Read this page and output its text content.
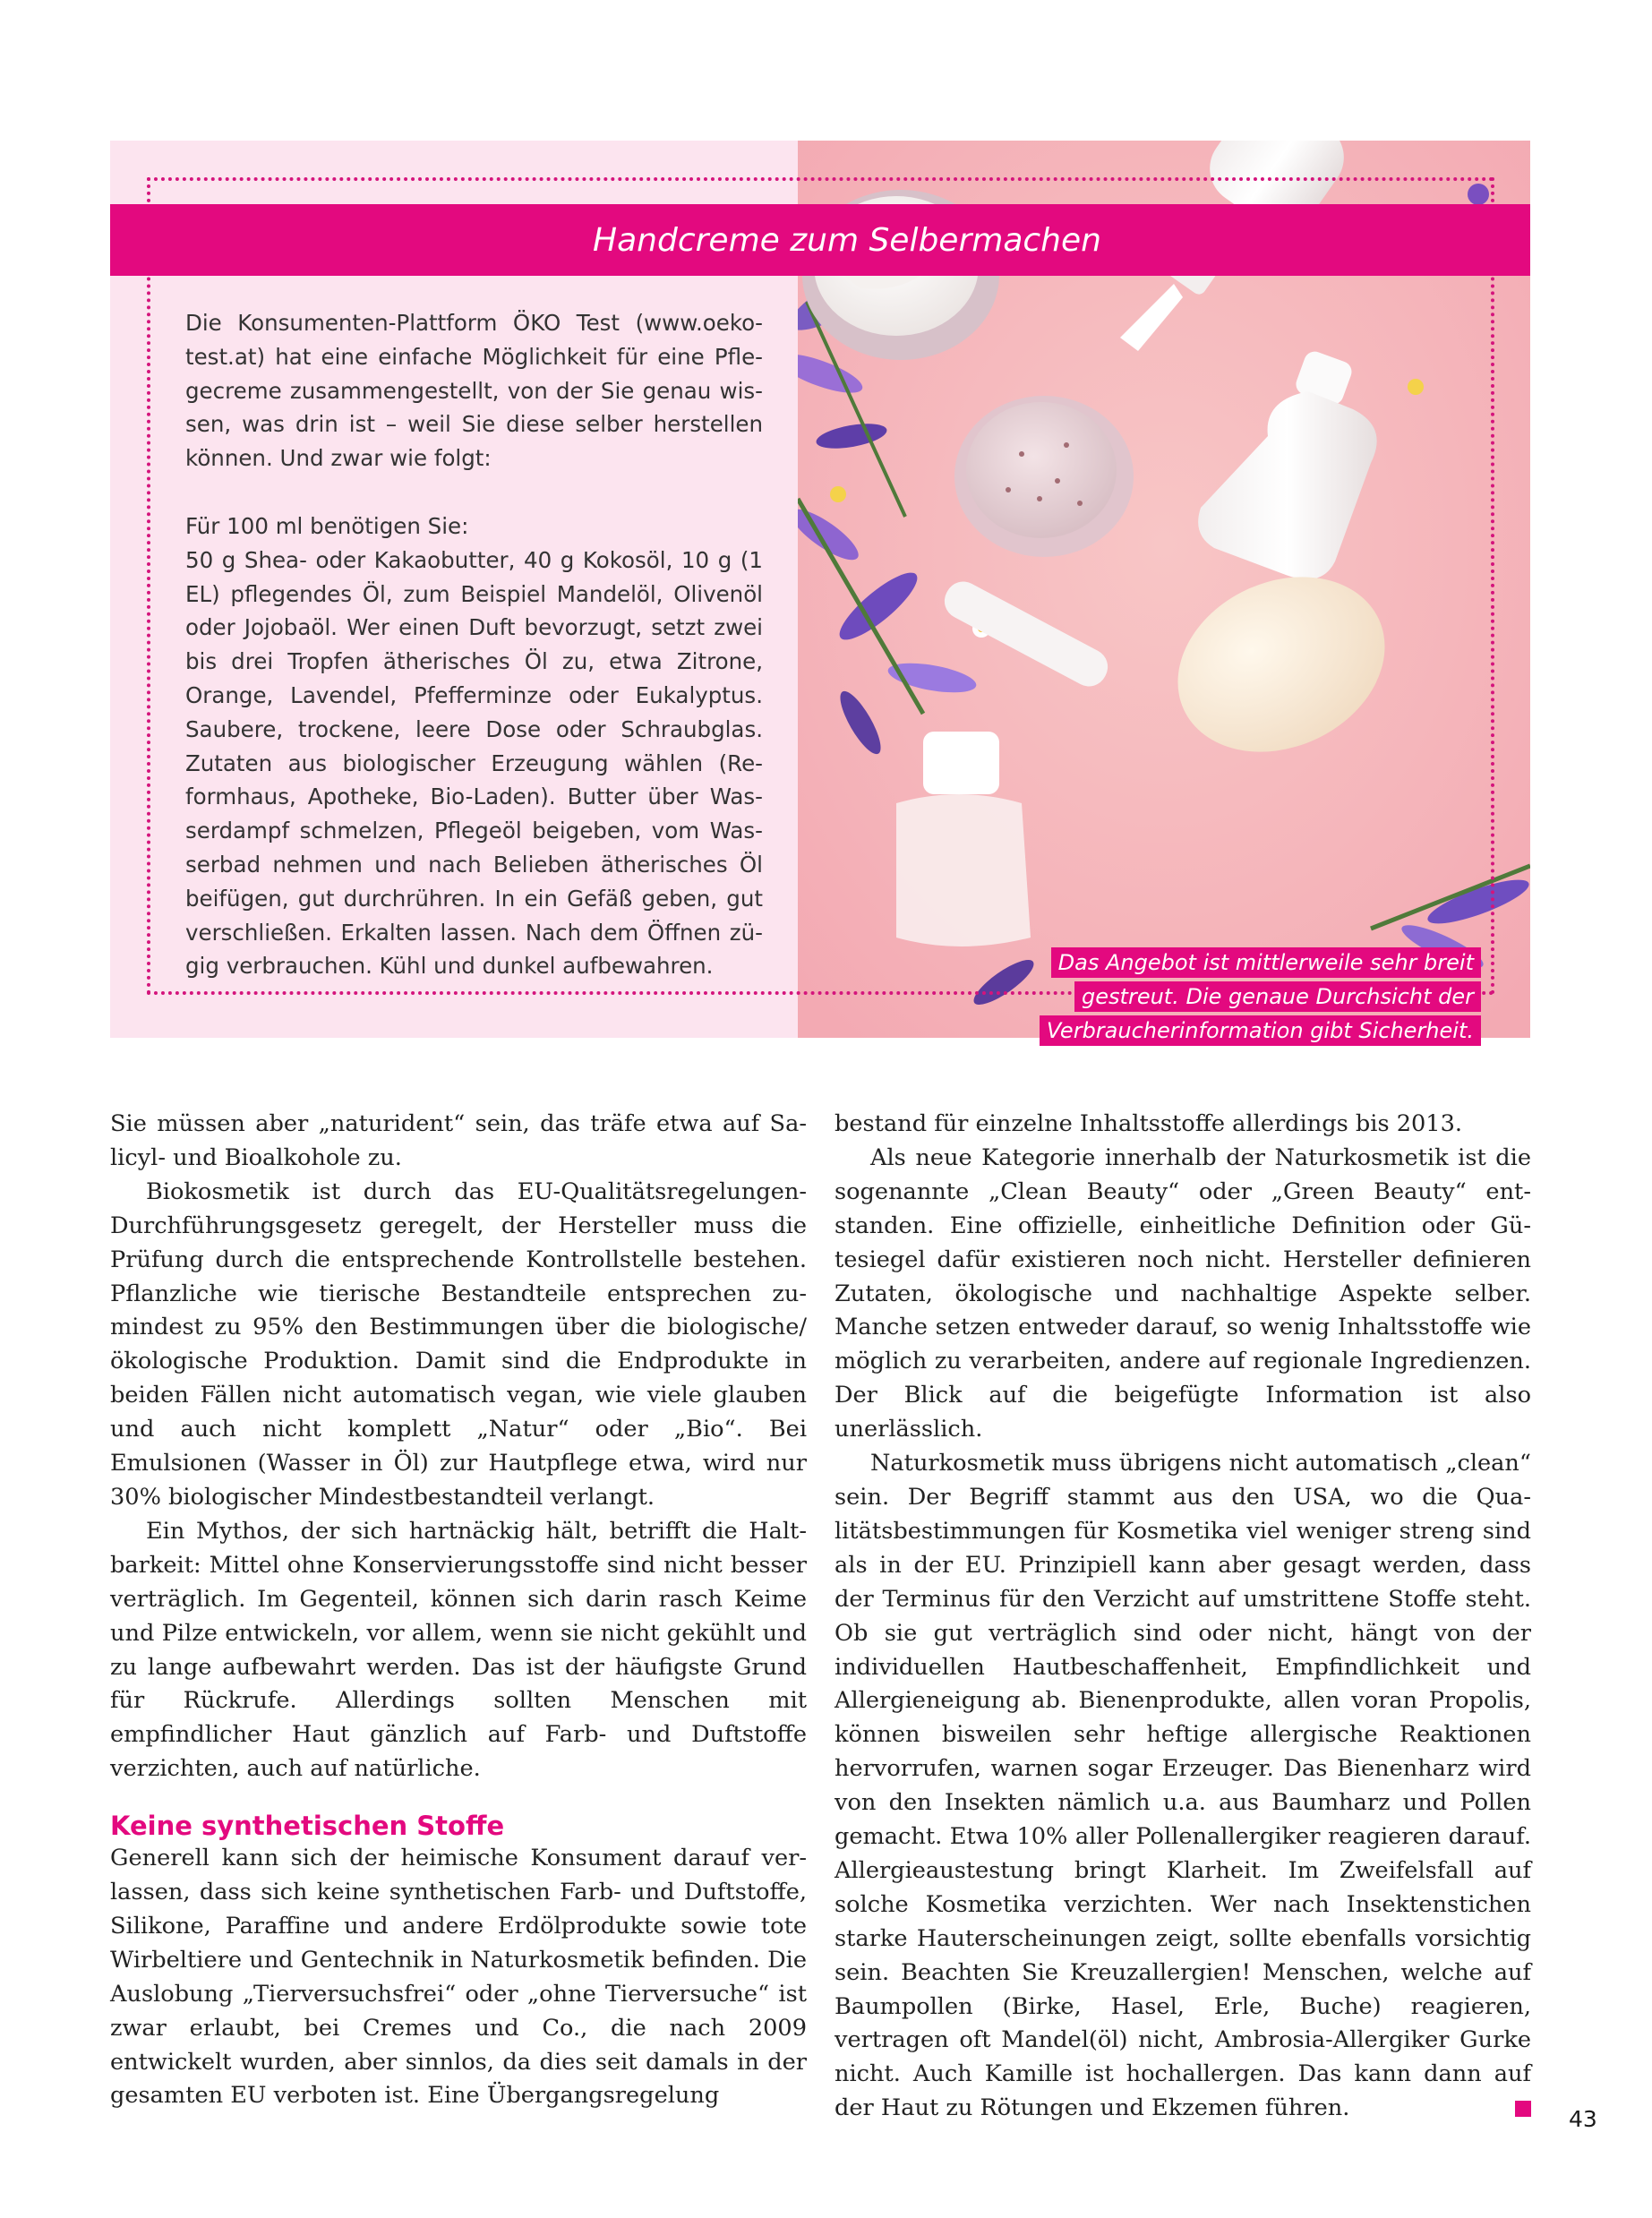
Handcreme zum Selbermachen

Die Konsumenten-Plattform ÖKO Test (www.oekotest.at) hat eine einfache Möglichkeit für eine Pflegecreme zusammengestellt, von der Sie genau wissen, was drin ist – weil Sie diese selber herstellen können. Und zwar wie folgt:

Für 100 ml benötigen Sie:
50 g Shea- oder Kakaobutter, 40 g Kokosöl, 10 g (1 EL) pflegendes Öl, zum Beispiel Mandelöl, Olivenöl oder Jojobaöl. Wer einen Duft bevorzugt, setzt zwei bis drei Tropfen ätherisches Öl zu, etwa Zitrone, Orange, Lavendel, Pfefferminze oder Eukalyptus. Saubere, trockene, leere Dose oder Schraubglas. Zutaten aus biologischer Erzeugung wählen (Reformhaus, Apotheke, Bio-Laden). Butter über Wasserdampf schmelzen, Pflegeöl beigeben, vom Wasserbad nehmen und nach Belieben ätherisches Öl beifügen, gut durchrühren. In ein Gefäß geben, gut verschließen. Erkalten lassen. Nach dem Öffnen zügig verbrauchen. Kühl und dunkel aufbewahren.	Das Angebot ist mittlerweile sehr breit gestreut. Die genaue Durchsicht der Verbraucherinformation gibt Sicherheit.

Sie müssen aber „naturident“ sein, das träfe etwa auf Salicyl- und Bioalkohole zu.

Biokosmetik ist durch das EU-Qualitätsregelungen-Durchführungsgesetz geregelt, der Hersteller muss die Prüfung durch die entsprechende Kontrollstelle bestehen. Pflanzliche wie tierische Bestandteile entsprechen zumindest zu 95% den Bestimmungen über die biologische/ökologische Produktion. Damit sind die Endprodukte in beiden Fällen nicht automatisch vegan, wie viele glauben und auch nicht komplett „Natur“ oder „Bio“. Bei Emulsionen (Wasser in Öl) zur Hautpflege etwa, wird nur 30% biologischer Mindestbestandteil verlangt.

Ein Mythos, der sich hartnäckig hält, betrifft die Haltbarkeit: Mittel ohne Konservierungsstoffe sind nicht besser verträglich. Im Gegenteil, können sich darin rasch Keime und Pilze entwickeln, vor allem, wenn sie nicht gekühlt und zu lange aufbewahrt werden. Das ist der häufigste Grund für Rückrufe. Allerdings sollten Menschen mit empfindlicher Haut gänzlich auf Farb- und Duftstoffe verzichten, auch auf natürliche.

Keine synthetischen Stoffe

Generell kann sich der heimische Konsument darauf verlassen, dass sich keine synthetischen Farb- und Duftstoffe, Silikone, Paraffine und andere Erdölprodukte sowie tote Wirbeltiere und Gentechnik in Naturkosmetik befinden. Die Auslobung „Tierversuchsfrei“ oder „ohne Tierversuche“ ist zwar erlaubt, bei Cremes und Co., die nach 2009 entwickelt wurden, aber sinnlos, da dies seit damals in der gesamten EU verboten ist. Eine Übergangsregelung

bestand für einzelne Inhaltsstoffe allerdings bis 2013.

Als neue Kategorie innerhalb der Naturkosmetik ist die sogenannte „Clean Beauty“ oder „Green Beauty“ entstanden. Eine offizielle, einheitliche Definition oder Gütesiegel dafür existieren noch nicht. Hersteller definieren Zutaten, ökologische und nachhaltige Aspekte selber. Manche setzen entweder darauf, so wenig Inhaltsstoffe wie möglich zu verarbeiten, andere auf regionale Ingredienzen. Der Blick auf die beigefügte Information ist also unerlässlich.

Naturkosmetik muss übrigens nicht automatisch „clean“ sein. Der Begriff stammt aus den USA, wo die Qualitätsbestimmungen für Kosmetika viel weniger streng sind als in der EU. Prinzipiell kann aber gesagt werden, dass der Terminus für den Verzicht auf umstrittene Stoffe steht. Ob sie gut verträglich sind oder nicht, hängt von der individuellen Hautbeschaffenheit, Empfindlichkeit und Allergieneigung ab. Bienenprodukte, allen voran Propolis, können bisweilen sehr heftige allergische Reaktionen hervorrufen, warnen sogar Erzeuger. Das Bienenharz wird von den Insekten nämlich u.a. aus Baumharz und Pollen gemacht. Etwa 10% aller Pollenallergiker reagieren darauf. Allergieaustestung bringt Klarheit. Im Zweifelsfall auf solche Kosmetika verzichten. Wer nach Insektenstichen starke Hauterscheinungen zeigt, sollte ebenfalls vorsichtig sein. Beachten Sie Kreuzallergien! Menschen, welche auf Baumpollen (Birke, Hasel, Erle, Buche) reagieren, vertragen oft Mandel(öl) nicht, Ambrosia-Allergiker Gurke nicht. Auch Kamille ist hochallergen. Das kann dann auf der Haut zu Rötungen und Ekzemen führen.	43
